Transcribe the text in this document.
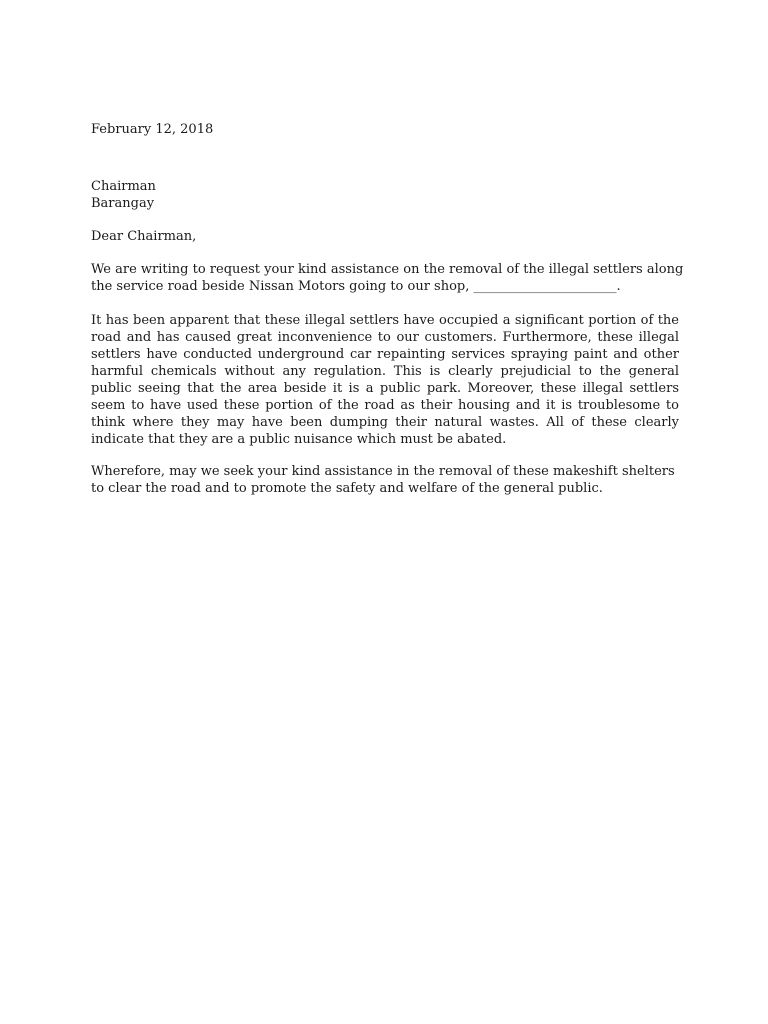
February 12, 2018

Chairman
Barangay

Dear Chairman,

We are writing to request your kind assistance on the removal of the illegal settlers along
the service road beside Nissan Motors going to our shop, ______________________.
It has been apparent that these illegal settlers have occupied a significant portion of the
road and has caused great inconvenience to our customers. Furthermore, these illegal
settlers have conducted underground car repainting services spraying paint and other
harmful chemicals without any regulation. This is clearly prejudicial to the general
public seeing that the area beside it is a public park. Moreover, these illegal settlers
seem to have used these portion of the road as their housing and it is troublesome to
think where they may have been dumping their natural wastes. All of these clearly
indicate that they are a public nuisance which must be abated.
Wherefore, may we seek your kind assistance in the removal of these makeshift shelters
to clear the road and to promote the safety and welfare of the general public.
